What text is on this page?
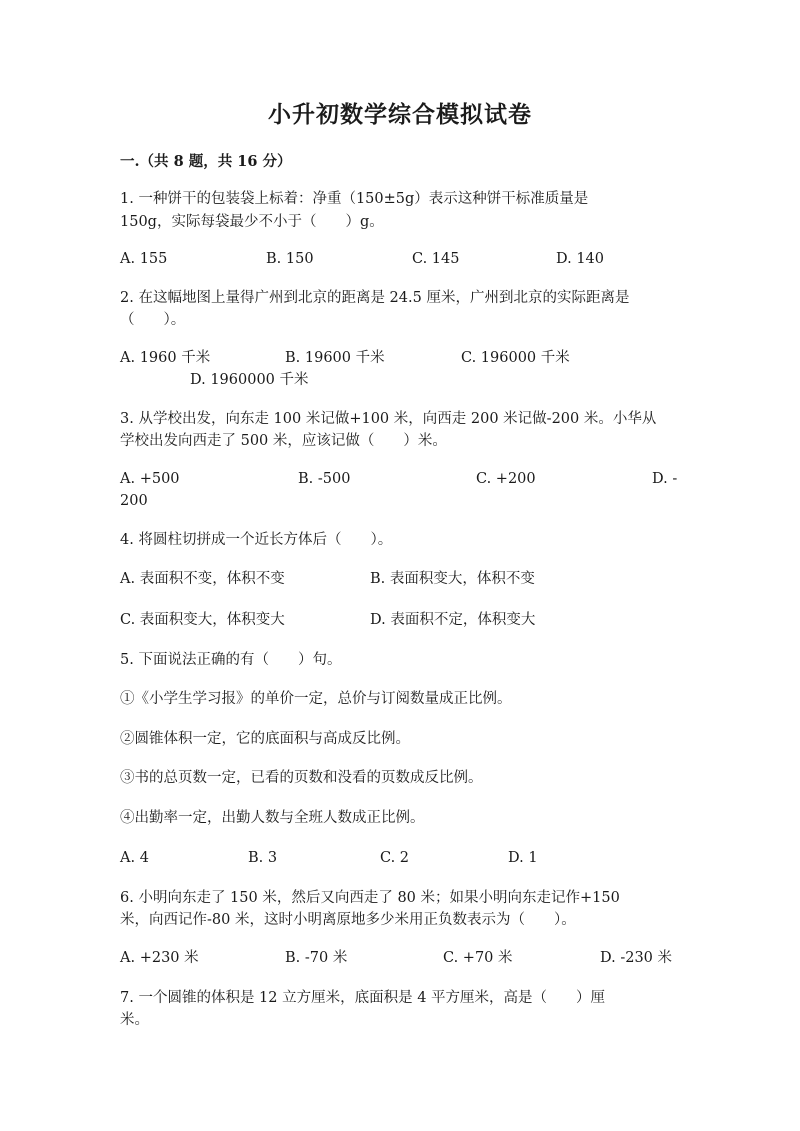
小升初数学综合模拟试卷
一.（共 8 题，共 16 分）
1. 一种饼干的包装袋上标着：净重（150±5g）表示这种饼干标准质量是
150g，实际每袋最少不小于（　　）g。
A. 155	B. 150	C. 145	D. 140
2. 在这幅地图上量得广州到北京的距离是 24.5 厘米，广州到北京的实际距离是
（　　）。
A. 1960 千米	B. 19600 千米	C. 196000 千米
D. 1960000 千米
3. 从学校出发，向东走 100 米记做+100 米，向西走 200 米记做-200 米。小华从
学校出发向西走了 500 米，应该记做（　　）米。
A. +500	B. -500	C. +200	D. -
200
4. 将圆柱切拼成一个近长方体后（　　）。
A. 表面积不变，体积不变	B. 表面积变大，体积不变
C. 表面积变大，体积变大	D. 表面积不定，体积变大
5. 下面说法正确的有（　　）句。
①《小学生学习报》的单价一定，总价与订阅数量成正比例。
②圆锥体积一定，它的底面积与高成反比例。
③书的总页数一定，已看的页数和没看的页数成反比例。
④出勤率一定，出勤人数与全班人数成正比例。
A. 4	B. 3	C. 2	D. 1
6. 小明向东走了 150 米，然后又向西走了 80 米；如果小明向东走记作+150
米，向西记作-80 米，这时小明离原地多少米用正负数表示为（　　）。
A. +230 米	B. -70 米	C. +70 米	D. -230 米
7. 一个圆锥的体积是 12 立方厘米，底面积是 4 平方厘米，高是（　　）厘
米。
